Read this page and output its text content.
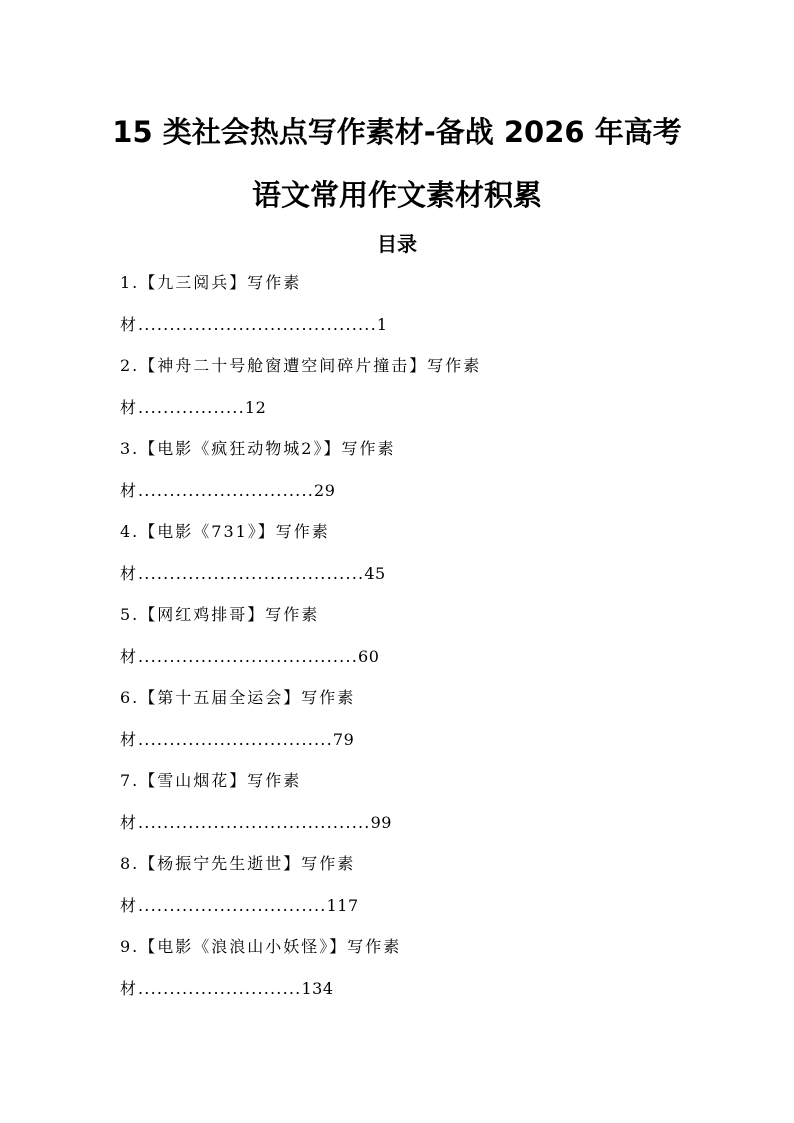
15 类社会热点写作素材-备战 2026 年高考
语文常用作文素材积累
目录
1.【九三阅兵】写作素
材......................................1
2.【神舟二十号舱窗遭空间碎片撞击】写作素
材.................12
3.【电影《疯狂动物城2》】写作素
材............................29
4.【电影《731》】写作素
材....................................45
5.【网红鸡排哥】写作素
材...................................60
6.【第十五届全运会】写作素
材...............................79
7.【雪山烟花】写作素
材.....................................99
8.【杨振宁先生逝世】写作素
材..............................117
9.【电影《浪浪山小妖怪》】写作素
材..........................134
